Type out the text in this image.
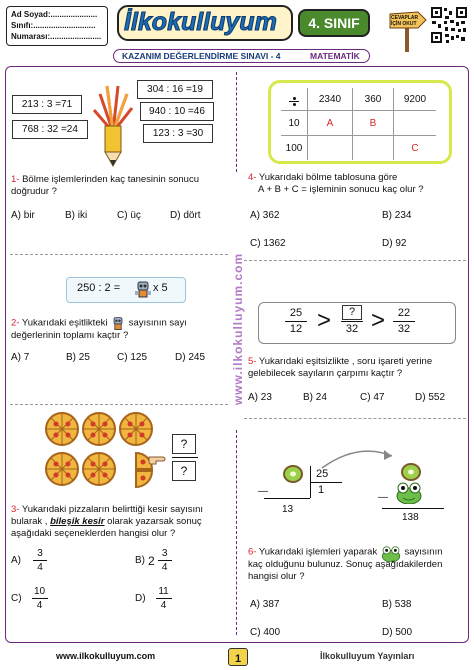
Ad Soyad:.....................
Sınıfı:............................
Numarası:.......................
İlkokulluyum	4. SINIF	CEVAPLAR
İÇİN OKUT
KAZANIM DEĞERLENDİRME SINAVI - 4	MATEMATİK
www.ilkokulluyum.com
213 : 3 =71
768 : 32 =24
304 : 16 =19
940 : 10 =46
123 : 3 =30
1- Bölme işlemlerinden kaç tanesinin sonucu
doğrudur ?
A) bir	B) iki	C) üç	D) dört
250 : 2 =	x 5
2- Yukarıdaki eşitlikteki sayısının sayı
değerlerinin toplamı kaçtır ?
A) 7	B) 25	C) 125	D) 245
?
?
3- Yukarıdaki pizzaların belirttiği kesir sayısını
bularak , bileşik kesir olarak yazarsak sonuç
aşağıdaki seçeneklerden hangisi olur ?
$A) \frac{3}{4}$	B) $2 \frac{3}{4}$
$C) \frac{10}{4}$	$D) \frac{11}{4}$
	2340	360	9200
10	A	B	
100			C
4- Yukarıdaki bölme tablosuna göre
A + B + C = işleminin sonucu kaç olur ?
A) 362	B) 234
C) 1362	D) 92
25
12 >	?
32 > 22
32
5- Yukarıdaki eşitsizlikte , soru işareti yerine
gelebilecek sayıların çarpımı kaçtır ?
A) 23	B) 24	C) 47	D) 552
25
1
—
13
—
138
6- Yukarıdaki işlemleri yaparak	sayısının
kaç olduğunu bulunuz. Sonuç aşağıdakilerden
hangisi olur ?
A) 387	B) 538
C) 400	D) 500
www.ilkokulluyum.com	1	İlkokulluyum Yayınları
